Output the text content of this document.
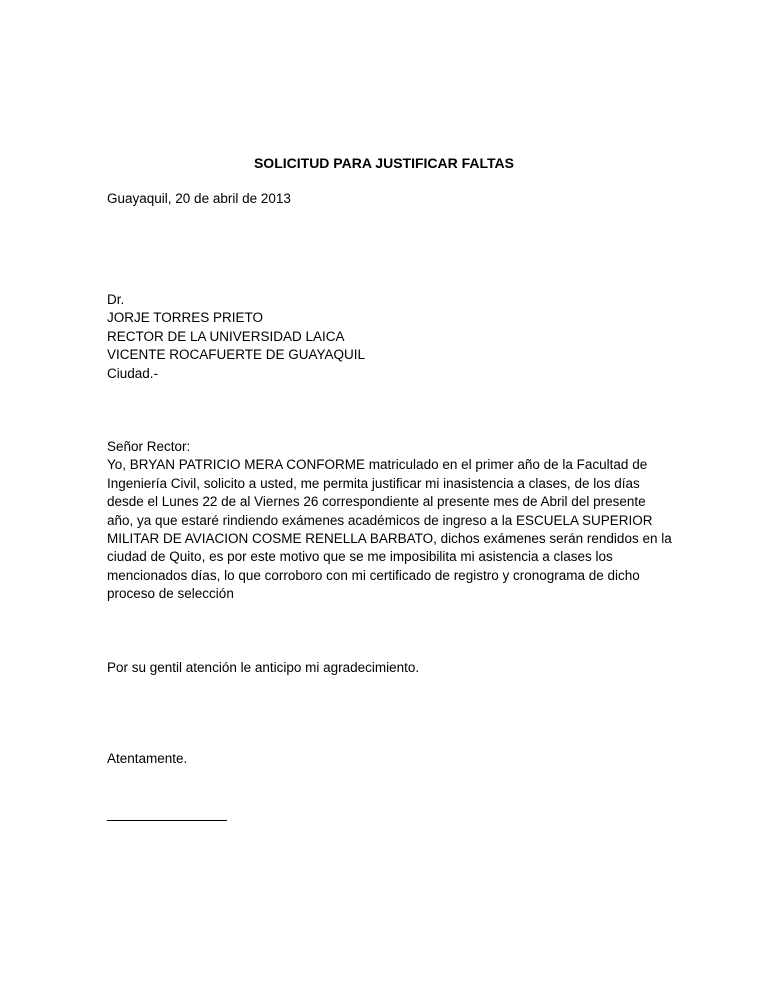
SOLICITUD PARA JUSTIFICAR FALTAS
Guayaquil, 20 de abril de 2013
Dr.
JORJE TORRES PRIETO
RECTOR DE LA UNIVERSIDAD LAICA
VICENTE ROCAFUERTE DE GUAYAQUIL
Ciudad.-
Señor Rector:
Yo, BRYAN PATRICIO MERA CONFORME matriculado en el primer año de la Facultad de
Ingeniería Civil, solicito a usted, me permita justificar mi inasistencia a clases, de los días
desde el Lunes 22 de al Viernes 26 correspondiente al presente mes de Abril del presente
año, ya que estaré rindiendo exámenes académicos de ingreso a la ESCUELA SUPERIOR
MILITAR DE AVIACION COSME RENELLA BARBATO, dichos exámenes serán rendidos en la
ciudad de Quito, es por este motivo que se me imposibilita mi asistencia a clases los
mencionados días, lo que corroboro con mi certificado de registro y cronograma de dicho
proceso de selección
Por su gentil atención le anticipo mi agradecimiento.
Atentamente.
